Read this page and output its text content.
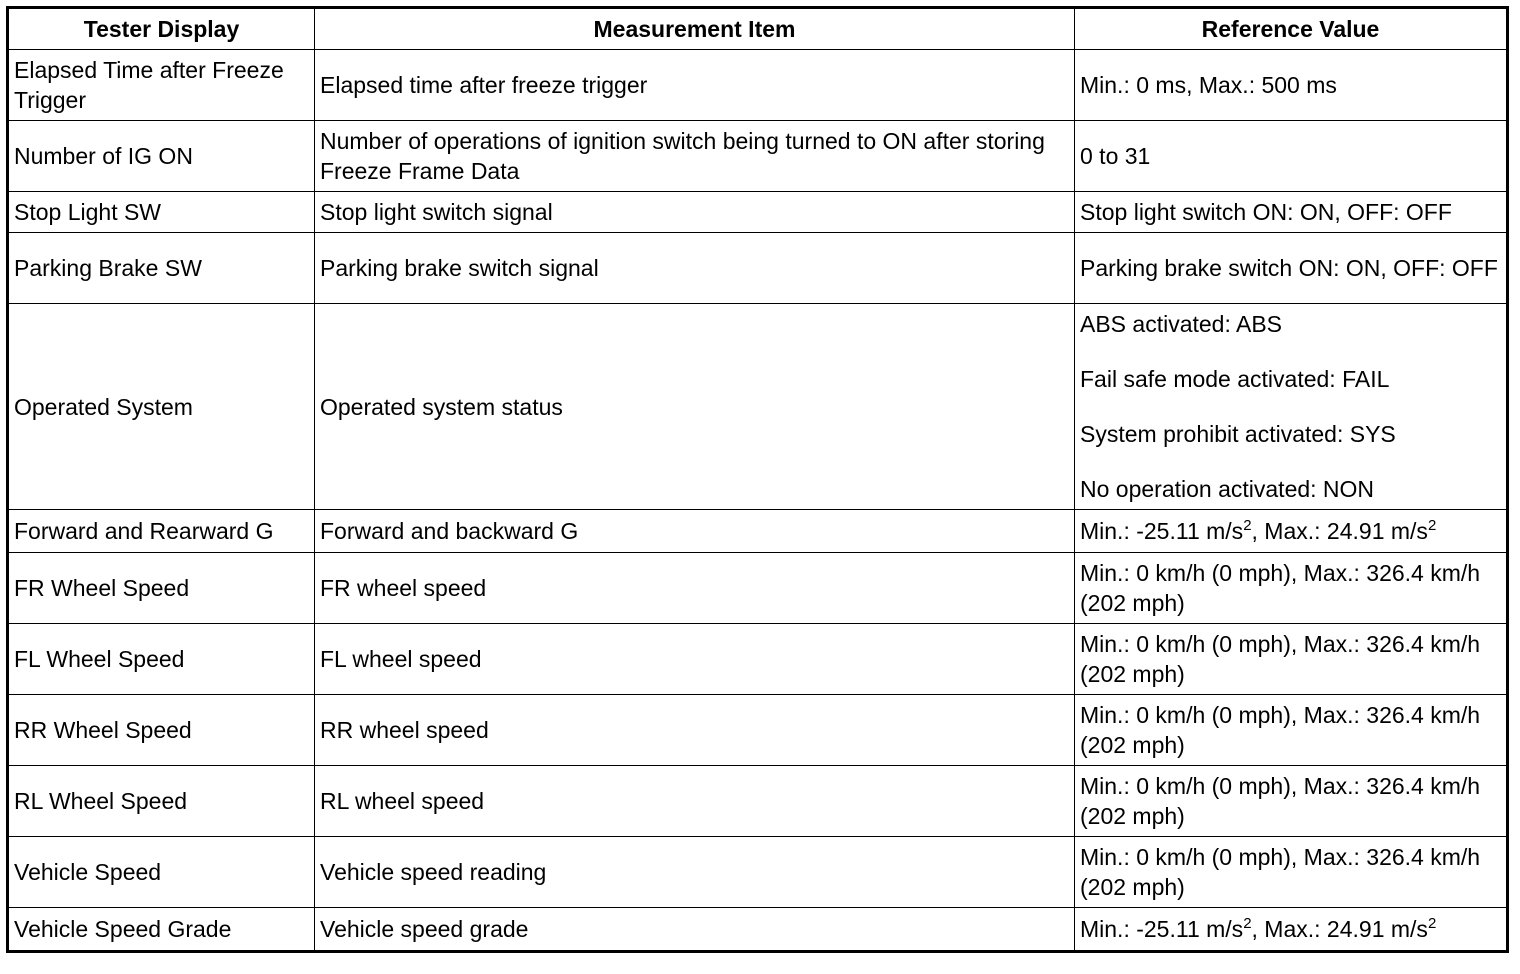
Tester Display	Measurement Item	Reference Value
Elapsed Time after Freeze Trigger	Elapsed time after freeze trigger	Min.: 0 ms, Max.: 500 ms
Number of IG ON	Number of operations of ignition switch being turned to ON after storing Freeze Frame Data	0 to 31
Stop Light SW	Stop light switch signal	Stop light switch ON: ON, OFF: OFF
Parking Brake SW	Parking brake switch signal	Parking brake switch ON: ON, OFF: OFF
Operated System	Operated system status	ABS activated: ABS
Fail safe mode activated: FAIL
System prohibit activated: SYS
No operation activated: NON

Forward and Rearward G	Forward and backward G	Min.: -25.11 $m/s^2$, Max.: 24.91 $m/s^2$
FR Wheel Speed	FR wheel speed	Min.: 0 km/h (0 mph), Max.: 326.4 km/h (202 mph)
FL Wheel Speed	FL wheel speed	Min.: 0 km/h (0 mph), Max.: 326.4 km/h (202 mph)
RR Wheel Speed	RR wheel speed	Min.: 0 km/h (0 mph), Max.: 326.4 km/h (202 mph)
RL Wheel Speed	RL wheel speed	Min.: 0 km/h (0 mph), Max.: 326.4 km/h (202 mph)
Vehicle Speed	Vehicle speed reading	Min.: 0 km/h (0 mph), Max.: 326.4 km/h (202 mph)
Vehicle Speed Grade	Vehicle speed grade	Min.: -25.11 $m/s^2$, Max.: 24.91 $m/s^2$
